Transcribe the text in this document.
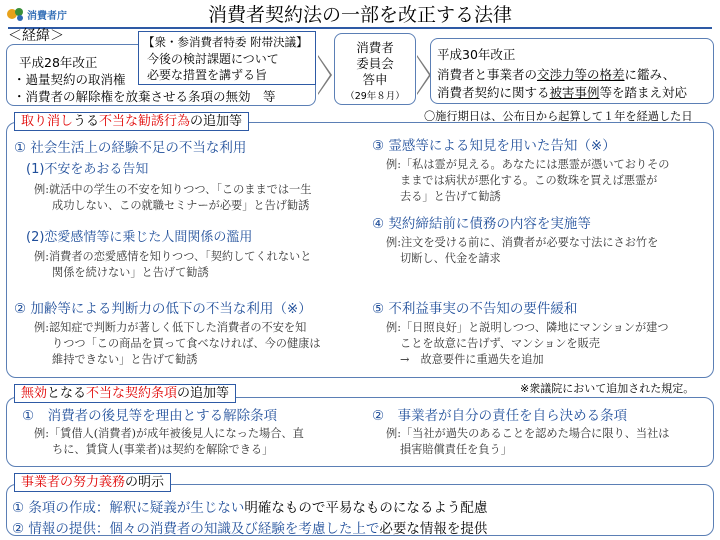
消費者庁	消費者契約法の一部を改正する法律
＜経緯＞
平成28年改正
・過量契約の取消権
・消費者の解除権を放棄させる条項の無効　等
【衆・参消費者特委 附帯決議】
今後の検討課題について
必要な措置を講ずる旨
消費者
委員会
答申
（29年８月）
平成30年改正
消費者と事業者の交渉力等の格差に鑑み、
消費者契約に関する被害事例等を踏まえ対応
取り消しうる不当な勧誘行為の追加等	〇施行期日は、公布日から起算して１年を経過した日
① 社会生活上の経験不足の不当な利用
(1)不安をあおる告知
例:就活中の学生の不安を知りつつ、「このままでは一生
成功しない、この就職セミナーが必要」と告げ勧誘
(2)恋愛感情等に乗じた人間関係の濫用
例:消費者の恋愛感情を知りつつ、「契約してくれないと
関係を続けない」と告げて勧誘
② 加齢等による判断力の低下の不当な利用（※）
例:認知症で判断力が著しく低下した消費者の不安を知
りつつ「この商品を買って食べなければ、今の健康は
維持できない」と告げて勧誘
③ 霊感等による知見を用いた告知（※）
例:「私は霊が見える。あなたには悪霊が憑いておりその
ままでは病状が悪化する。この数珠を買えば悪霊が
去る」と告げて勧誘
④ 契約締結前に債務の内容を実施等
例:注文を受ける前に、消費者が必要な寸法にさお竹を
切断し、代金を請求
⑤ 不利益事実の不告知の要件緩和
例:「日照良好」と説明しつつ、隣地にマンションが建つ
ことを故意に告げず、マンションを販売
→　故意要件に重過失を追加
※衆議院において追加された規定。
無効となる不当な契約条項の追加等
①　消費者の後見等を理由とする解除条項
例:「賃借人(消費者)が成年被後見人になった場合、直
ちに、賃貸人(事業者)は契約を解除できる」
②　事業者が自分の責任を自ら決める条項
例:「当社が過失のあることを認めた場合に限り、当社は
損害賠償責任を負う」
事業者の努力義務の明示
① 条項の作成：解釈に疑義が生じない明確なもので平易なものになるよう配慮
② 情報の提供：個々の消費者の知識及び経験を考慮した上で必要な情報を提供
